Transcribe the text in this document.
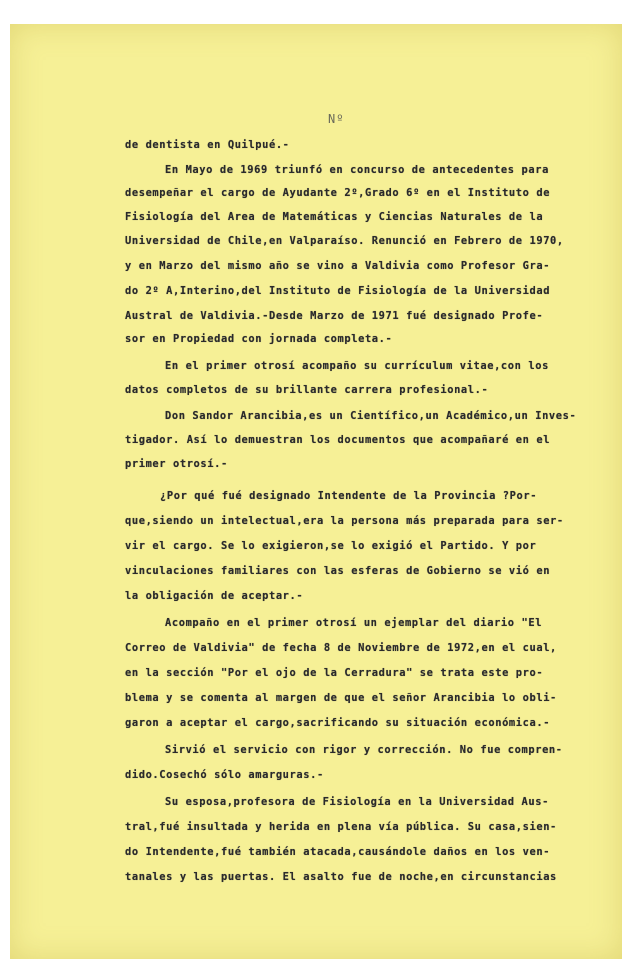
Nº

de dentista en Quilpué.-

En Mayo de 1969 triunfó en concurso de antecedentes para

desempeñar el cargo de Ayudante 2º,Grado 6º en el Instituto de

Fisiología del Area de Matemáticas y Ciencias Naturales de la

Universidad de Chile,en Valparaíso. Renunció en Febrero de 1970,

y en Marzo del mismo año se vino a Valdivia como Profesor Gra-

do 2º A,Interino,del Instituto de Fisiología de la Universidad

Austral de Valdivia.-Desde Marzo de 1971 fué designado Profe-

sor en Propiedad con jornada completa.-

En el primer otrosí acompaño su currículum vitae,con los

datos completos de su brillante carrera profesional.-

Don Sandor Arancibia,es un Científico,un Académico,un Inves-

tigador. Así lo demuestran los documentos que acompañaré en el

primer otrosí.-

¿Por qué fué designado Intendente de la Provincia ?Por-

que,siendo un intelectual,era la persona más preparada para ser-

vir el cargo. Se lo exigieron,se lo exigió el Partido. Y por

vinculaciones familiares con las esferas de Gobierno se vió en

la obligación de aceptar.-

Acompaño en el primer otrosí un ejemplar del diario "El

Correo de Valdivia" de fecha 8 de Noviembre de 1972,en el cual,

en la sección "Por el ojo de la Cerradura" se trata este pro-

blema y se comenta al margen de que el señor Arancibia lo obli-

garon a aceptar el cargo,sacrificando su situación económica.-

Sirvió el servicio con rigor y corrección. No fue compren-

dido.Cosechó sólo amarguras.-

Su esposa,profesora de Fisiología en la Universidad Aus-

tral,fué insultada y herida en plena vía pública. Su casa,sien-

do Intendente,fué también atacada,causándole daños en los ven-

tanales y las puertas. El asalto fue de noche,en circunstancias
